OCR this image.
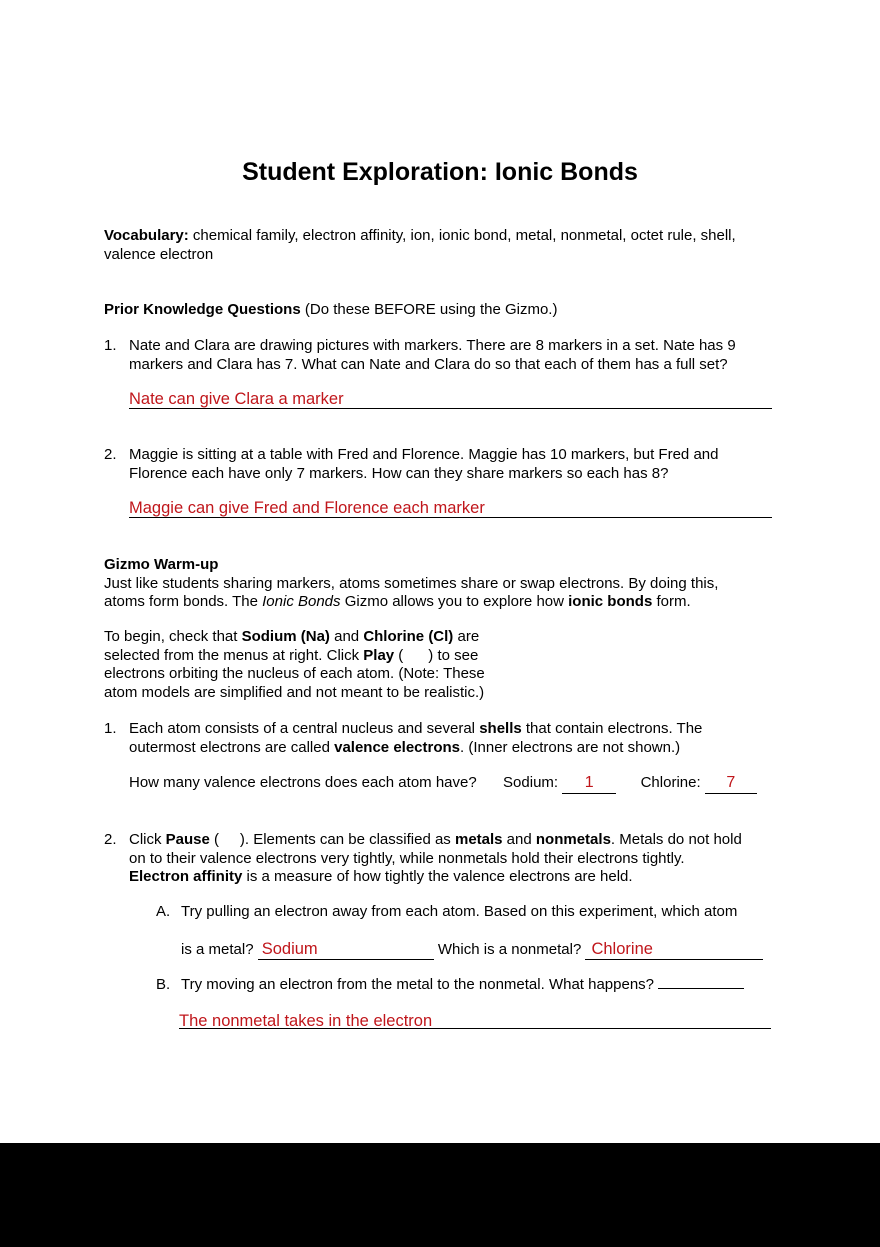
Student Exploration: Ionic Bonds
Vocabulary: chemical family, electron affinity, ion, ionic bond, metal, nonmetal, octet rule, shell,
valence electron
Prior Knowledge Questions (Do these BEFORE using the Gizmo.)
1. Nate and Clara are drawing pictures with markers. There are 8 markers in a set. Nate has 9
markers and Clara has 7. What can Nate and Clara do so that each of them has a full set?
Nate can give Clara a marker
2. Maggie is sitting at a table with Fred and Florence. Maggie has 10 markers, but Fred and
Florence each have only 7 markers. How can they share markers so each has 8?
Maggie can give Fred and Florence each marker
Gizmo Warm-up
Just like students sharing markers, atoms sometimes share or swap electrons. By doing this,
atoms form bonds. The Ionic Bonds Gizmo allows you to explore how ionic bonds form.
To begin, check that Sodium (Na) and Chlorine (Cl) are
selected from the menus at right. Click Play (      ) to see
electrons orbiting the nucleus of each atom. (Note: These
atom models are simplified and not meant to be realistic.)
1. Each atom consists of a central nucleus and several shells that contain electrons. The
outermost electrons are called valence electrons. (Inner electrons are not shown.)
How many valence electrons does each atom have? Sodium: 1	Chlorine: 7
2. Click Pause (     ). Elements can be classified as metals and nonmetals. Metals do not hold
on to their valence electrons very tightly, while nonmetals hold their electrons tightly.
Electron affinity is a measure of how tightly the valence electrons are held.
A. Try pulling an electron away from each atom. Based on this experiment, which atom
is a metal? Sodium	Which is a nonmetal? Chlorine
B. Try moving an electron from the metal to the nonmetal. What happens?
The nonmetal takes in the electron
